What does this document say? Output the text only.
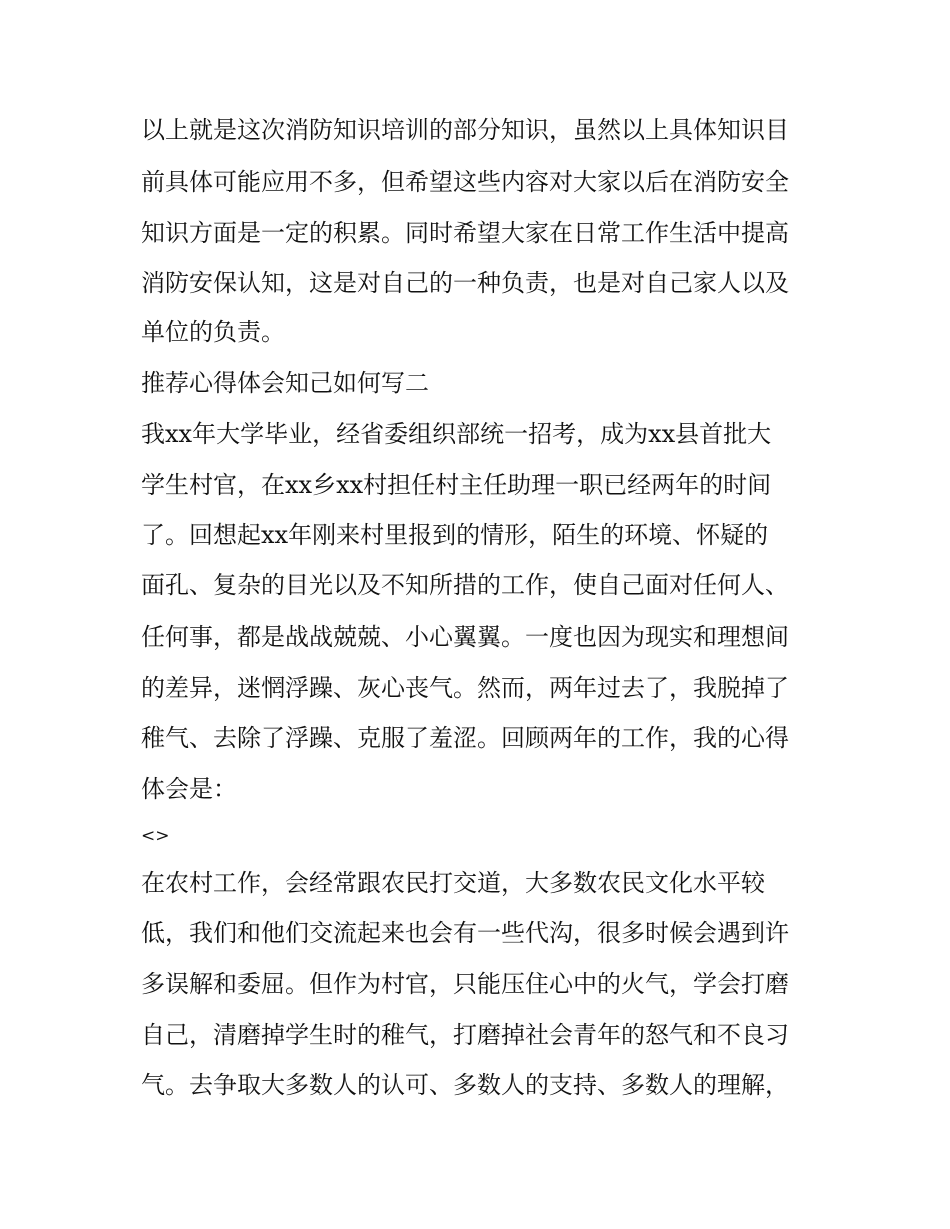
以上就是这次消防知识培训的部分知识，虽然以上具体知识目
前具体可能应用不多，但希望这些内容对大家以后在消防安全
知识方面是一定的积累。同时希望大家在日常工作生活中提高
消防安保认知，这是对自己的一种负责，也是对自己家人以及
单位的负责。
推荐心得体会知己如何写二
我xx年大学毕业，经省委组织部统一招考，成为xx县首批大
学生村官，在xx乡xx村担任村主任助理一职已经两年的时间
了。回想起xx年刚来村里报到的情形，陌生的环境、怀疑的
面孔、复杂的目光以及不知所措的工作，使自己面对任何人、
任何事，都是战战兢兢、小心翼翼。一度也因为现实和理想间
的差异，迷惘浮躁、灰心丧气。然而，两年过去了，我脱掉了
稚气、去除了浮躁、克服了羞涩。回顾两年的工作，我的心得
体会是：
<>
在农村工作，会经常跟农民打交道，大多数农民文化水平较
低，我们和他们交流起来也会有一些代沟，很多时候会遇到许
多误解和委屈。但作为村官，只能压住心中的火气，学会打磨
自己，清磨掉学生时的稚气，打磨掉社会青年的怒气和不良习
气。去争取大多数人的认可、多数人的支持、多数人的理解，
